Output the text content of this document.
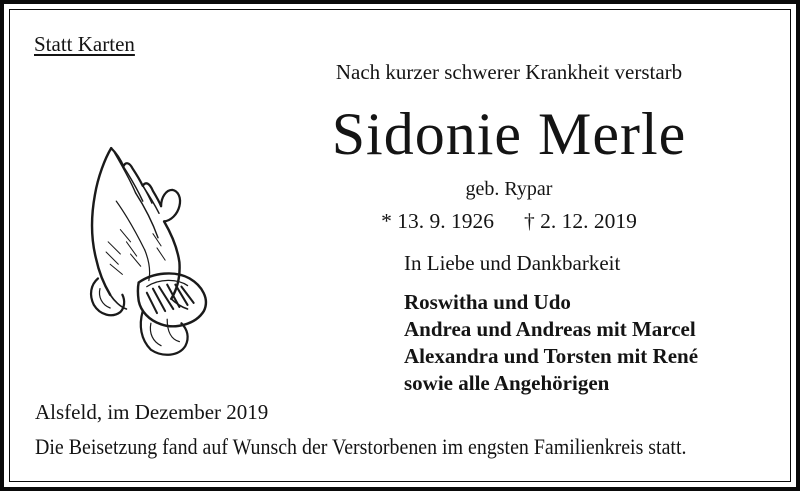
Statt Karten
Nach kurzer schwerer Krankheit verstarb
Sidonie Merle
geb. Rypar
* 13. 9. 1926 † 2. 12. 2019
In Liebe und Dankbarkeit
Roswitha und Udo
Andrea und Andreas mit Marcel
Alexandra und Torsten mit René
sowie alle Angehörigen
Alsfeld, im Dezember 2019
Die Beisetzung fand auf Wunsch der Verstorbenen im engsten Familienkreis statt.
